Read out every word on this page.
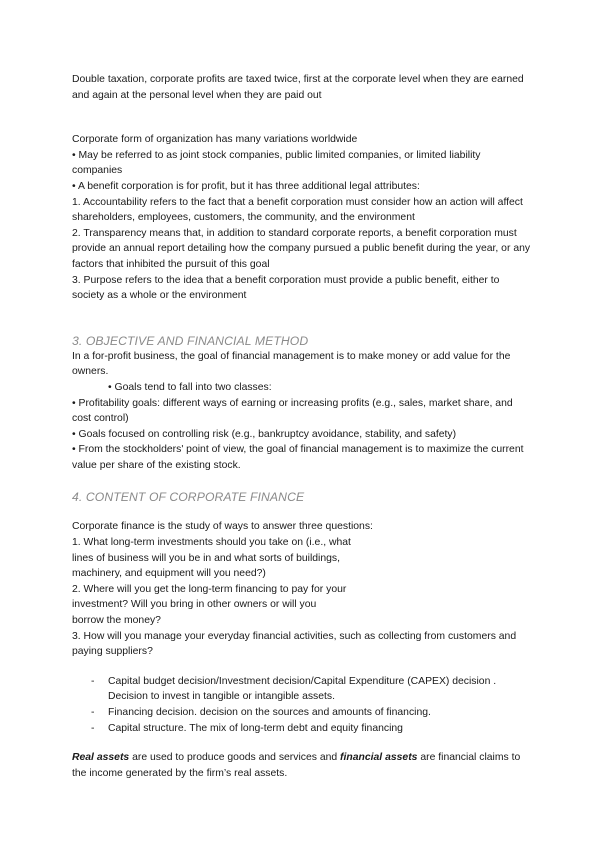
Double taxation, corporate profits are taxed twice, first at the corporate level when they are earned and again at the personal level when they are paid out

Corporate form of organization has many variations worldwide

• May be referred to as joint stock companies, public limited companies, or limited liability companies

• A benefit corporation is for profit, but it has three additional legal attributes:

1. Accountability refers to the fact that a benefit corporation must consider how an action will affect shareholders, employees, customers, the community, and the environment

2. Transparency means that, in addition to standard corporate reports, a benefit corporation must provide an annual report detailing how the company pursued a public benefit during the year, or any factors that inhibited the pursuit of this goal

3. Purpose refers to the idea that a benefit corporation must provide a public benefit, either to society as a whole or the environment

3. OBJECTIVE AND FINANCIAL METHOD

In a for-profit business, the goal of financial management is to make money or add value for the owners.

• Goals tend to fall into two classes:

• Profitability goals: different ways of earning or increasing profits (e.g., sales, market share, and cost control)

• Goals focused on controlling risk (e.g., bankruptcy avoidance, stability, and safety)

• From the stockholders' point of view, the goal of financial management is to maximize the current value per share of the existing stock.

4. CONTENT OF CORPORATE FINANCE

Corporate finance is the study of ways to answer three questions:

1. What long-term investments should you take on (i.e., what

lines of business will you be in and what sorts of buildings,

machinery, and equipment will you need?)

2. Where will you get the long-term financing to pay for your

investment? Will you bring in other owners or will you

borrow the money?

3. How will you manage your everyday financial activities, such as collecting from customers and paying suppliers?

- Capital budget decision/Investment decision/Capital Expenditure (CAPEX) decision . Decision to invest in tangible or intangible assets.
- Financing decision. decision on the sources and amounts of financing.
- Capital structure. The mix of long-term debt and equity financing

Real assets are used to produce goods and services and financial assets are financial claims to the income generated by the firm’s real assets.
